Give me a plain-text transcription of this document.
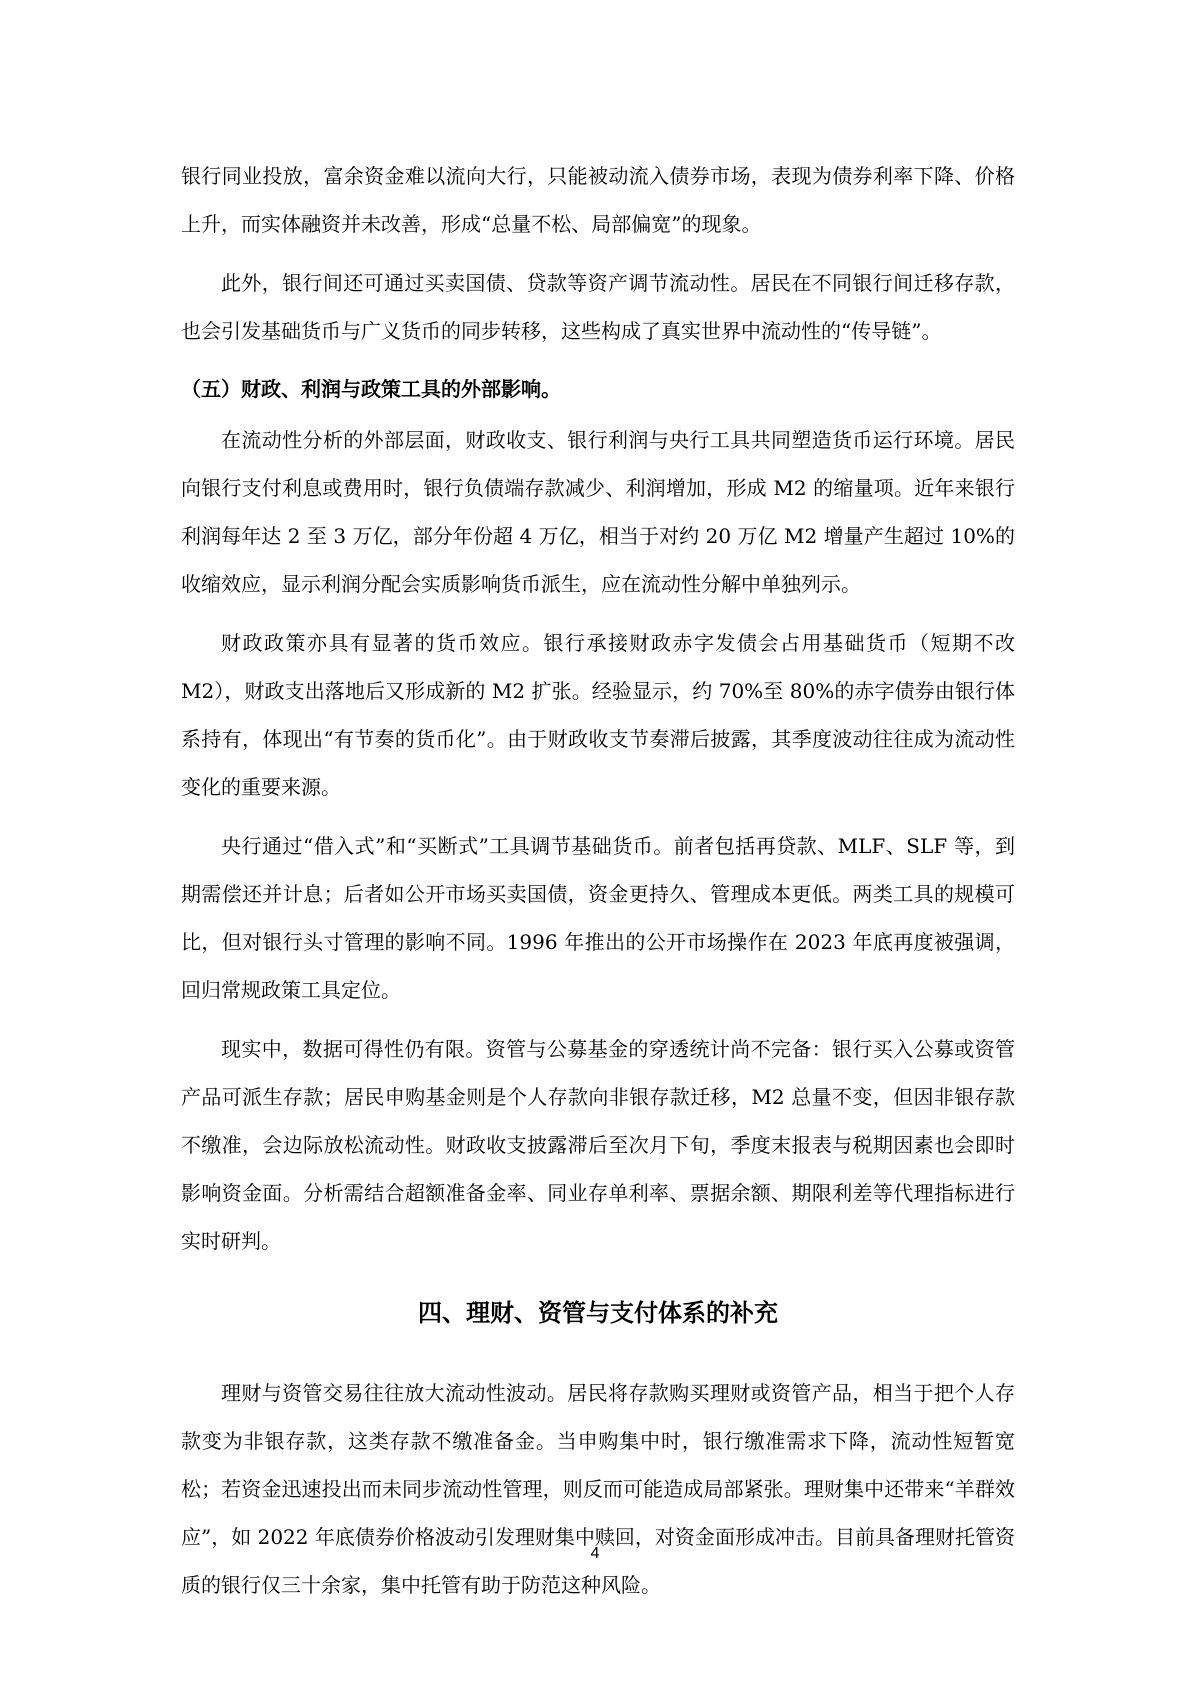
银行同业投放，富余资金难以流向大行，只能被动流入债券市场，表现为债券利率下降、价格上升，而实体融资并未改善，形成“总量不松、局部偏宽”的现象。

此外，银行间还可通过买卖国债、贷款等资产调节流动性。居民在不同银行间迁移存款，也会引发基础货币与广义货币的同步转移，这些构成了真实世界中流动性的“传导链”。

（五）财政、利润与政策工具的外部影响。

在流动性分析的外部层面，财政收支、银行利润与央行工具共同塑造货币运行环境。居民向银行支付利息或费用时，银行负债端存款减少、利润增加，形成 M2 的缩量项。近年来银行利润每年达 2 至 3 万亿，部分年份超 4 万亿，相当于对约 20 万亿 M2 增量产生超过 10%的收缩效应，显示利润分配会实质影响货币派生，应在流动性分解中单独列示。

财政政策亦具有显著的货币效应。银行承接财政赤字发债会占用基础货币（短期不改 M2），财政支出落地后又形成新的 M2 扩张。经验显示，约 70%至 80%的赤字债券由银行体系持有，体现出“有节奏的货币化”。由于财政收支节奏滞后披露，其季度波动往往成为流动性变化的重要来源。

央行通过“借入式”和“买断式”工具调节基础货币。前者包括再贷款、MLF、SLF 等，到期需偿还并计息；后者如公开市场买卖国债，资金更持久、管理成本更低。两类工具的规模可比，但对银行头寸管理的影响不同。1996 年推出的公开市场操作在 2023 年底再度被强调，回归常规政策工具定位。

现实中，数据可得性仍有限。资管与公募基金的穿透统计尚不完备：银行买入公募或资管产品可派生存款；居民申购基金则是个人存款向非银存款迁移，M2 总量不变，但因非银存款不缴准，会边际放松流动性。财政收支披露滞后至次月下旬，季度末报表与税期因素也会即时影响资金面。分析需结合超额准备金率、同业存单利率、票据余额、期限利差等代理指标进行实时研判。

四、理财、资管与支付体系的补充

理财与资管交易往往放大流动性波动。居民将存款购买理财或资管产品，相当于把个人存款变为非银存款，这类存款不缴准备金。当申购集中时，银行缴准需求下降，流动性短暂宽松；若资金迅速投出而未同步流动性管理，则反而可能造成局部紧张。理财集中还带来“羊群效应”，如 2022 年底债券价格波动引发理财集中赎回，对资金面形成冲击。目前具备理财托管资质的银行仅三十余家，集中托管有助于防范这种风险。

4
